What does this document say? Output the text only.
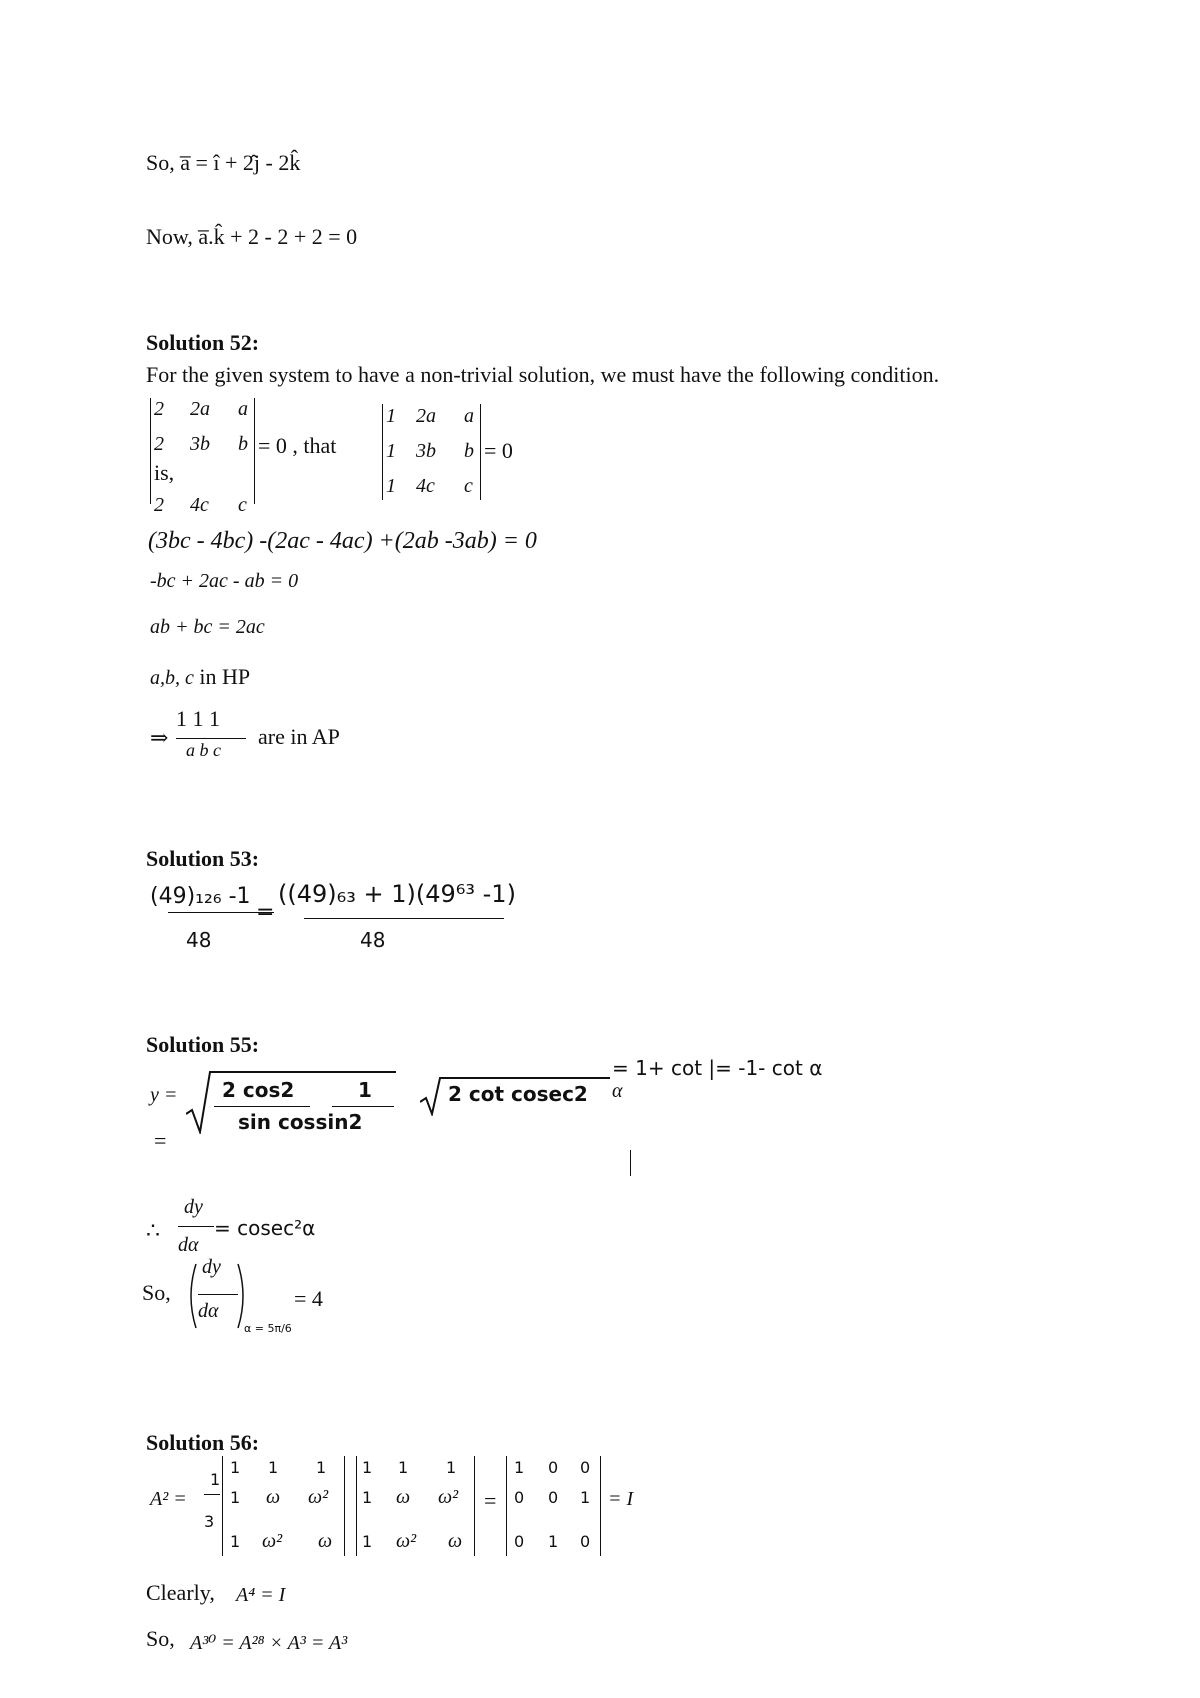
So, a̅ = î + 2̂j - 2k̂
Now, a̅.k̂ + 2 - 2 + 2 = 0
Solution 52:
For the given system to have a non-trivial solution, we must have the following condition.
2 2a a
2 3b b
is,
2 4c c
= 0 , that
1 2a a
1 3b b
1 4c c
= 0
(3bc - 4bc) -(2ac - 4ac) +(2ab -3ab) = 0
-bc + 2ac - ab = 0
ab + bc = 2ac
a,b, c in HP
⇒
1 1 1
a b c
are in AP
Solution 53:
(49)₁₂₆ -1
48
=
((49)₆₃ + 1)(49⁶³ -1)
48
Solution 55:
y = 2 cos2
sin cossin2
1	2 cot cosec2
= 1+ cot |= -1- cot α
α
=
∴
dy
dα
= cosec²α
So,
dy
dα
α = 5π/6
= 4
Solution 56:
A² =
1
3
1 1 1
1 ω ω²
1 ω² ω
1 1 1
1 ω ω²
1 ω² ω
=
1 0 0
0 0 1
0 1 0
= I
Clearly, A⁴ = I
So, A³⁰ = A²⁸ × A³ = A³
